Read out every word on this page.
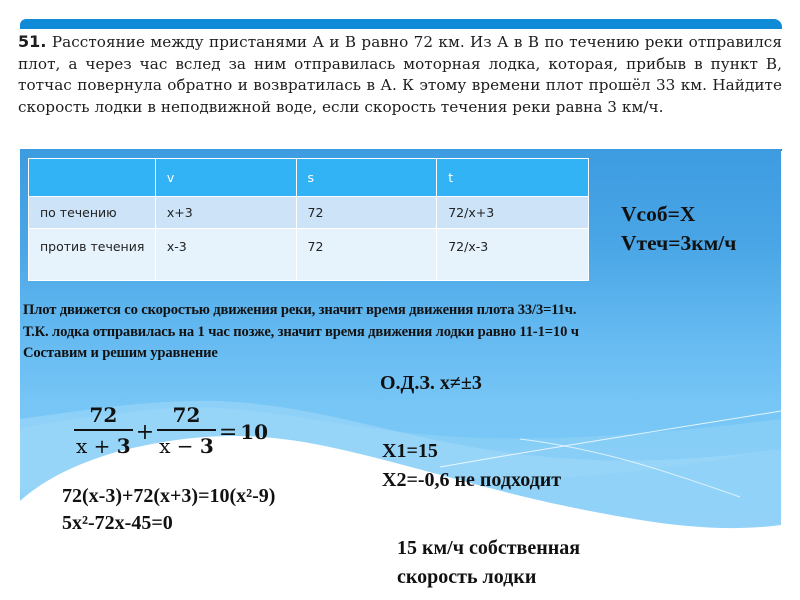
51. Расстояние между пристанями А и В равно 72 км. Из А в В по течению реки отправился плот, а через час вслед за ним отправилась моторная лодка, которая, прибыв в пункт В, тотчас повернула обратно и возвратилась в А. К этому времени плот прошёл 33 км. Найдите скорость лодки в неподвижной воде, если скорость течения реки равна 3 км/ч.

	v	s	t
по течению	x+3	72	72/x+3
против течения	x-3	72	72/x-3
Vсоб=X
Vтеч=3км/ч
Плот движется со скоростью движения реки, значит время движения плота 33/3=11ч.
Т.К. лодка отправилась на 1 час позже, значит время движения лодки равно 11-1=10 ч
Составим и решим уравнение
О.Д.З. x≠±3
$\frac{72}{x + 3} + \frac{72}{x - 3} = 10$
X1=15
X2=-0,6 не подходит
72(x-3)+72(x+3)=10(x²-9)
5x²-72x-45=0
15 км/ч собственная
скорость лодки
